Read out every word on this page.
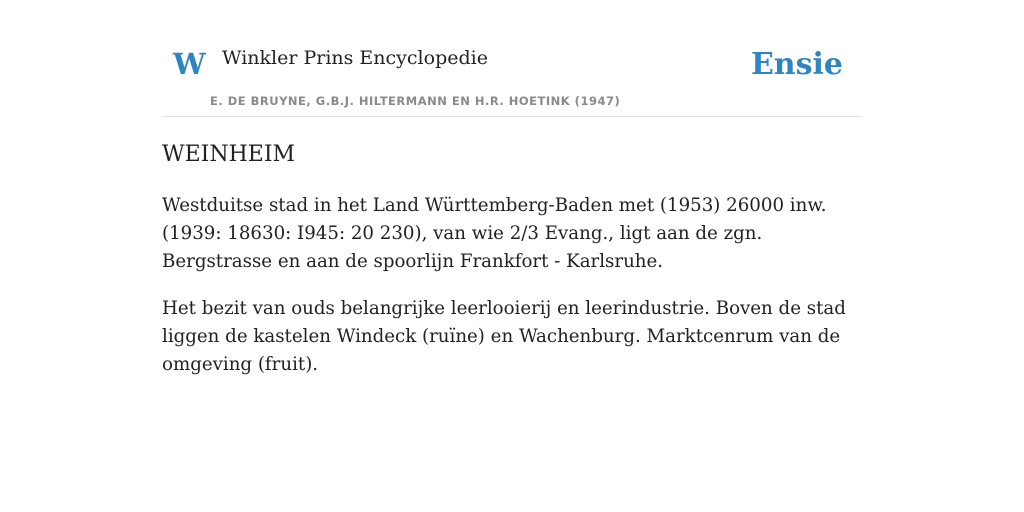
W Winkler Prins Encyclopedie
E. DE BRUYNE, G.B.J. HILTERMANN EN H.R. HOETINK (1947)
Ensie
WEINHEIM

Westduitse stad in het Land Württemberg-Baden met (1953) 26000 inw. (1939: 18630: I945: 20 230), van wie 2/3 Evang., ligt aan de zgn. Bergstrasse en aan de spoorlijn Frankfort - Karlsruhe.

Het bezit van ouds belangrijke leerlooierij en leerindustrie. Boven de stad liggen de kastelen Windeck (ruïne) en Wachenburg. Marktcenrum van de omgeving (fruit).
